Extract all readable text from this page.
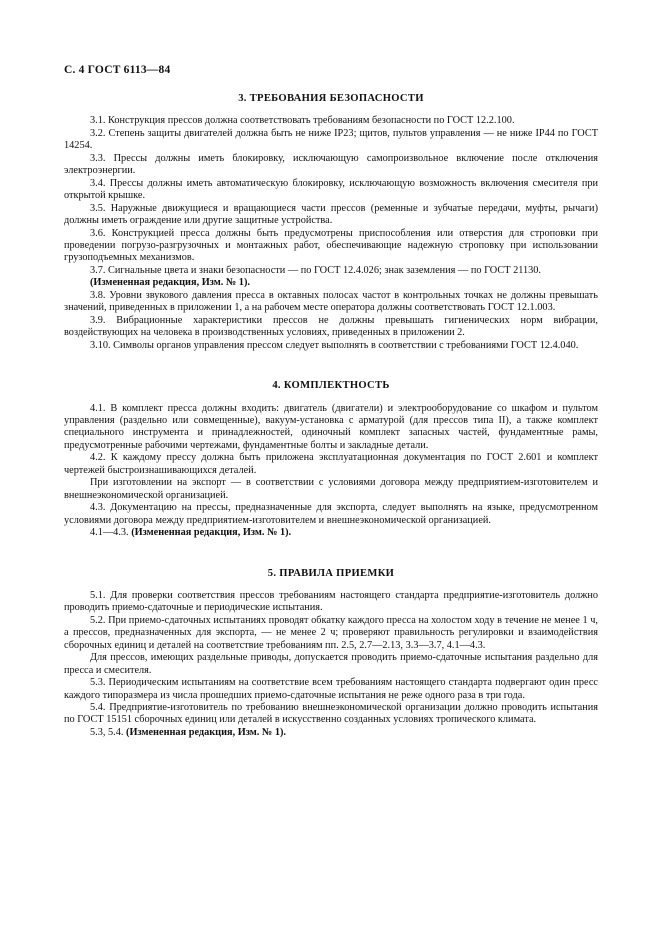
С. 4 ГОСТ 6113—84
3. ТРЕБОВАНИЯ БЕЗОПАСНОСТИ

3.1. Конструкция прессов должна соответствовать требованиям безопасности по ГОСТ 12.2.100.

3.2. Степень защиты двигателей должна быть не ниже IP23; щитов, пультов управления — не ниже IP44 по ГОСТ 14254.

3.3. Прессы должны иметь блокировку, исключающую самопроизвольное включение после отключения электроэнергии.

3.4. Прессы должны иметь автоматическую блокировку, исключающую возможность включения смесителя при открытой крышке.

3.5. Наружные движущиеся и вращающиеся части прессов (ременные и зубчатые передачи, муфты, рычаги) должны иметь ограждение или другие защитные устройства.

3.6. Конструкцией пресса должны быть предусмотрены приспособления или отверстия для строповки при проведении погрузо-разгрузочных и монтажных работ, обеспечивающие надежную строповку при использовании грузоподъемных механизмов.

3.7. Сигнальные цвета и знаки безопасности — по ГОСТ 12.4.026; знак заземления — по ГОСТ 21130.

(Измененная редакция, Изм. № 1).

3.8. Уровни звукового давления пресса в октавных полосах частот в контрольных точках не должны превышать значений, приведенных в приложении 1, а на рабочем месте оператора должны соответствовать ГОСТ 12.1.003.

3.9. Вибрационные характеристики прессов не должны превышать гигиенических норм вибрации, воздействующих на человека в производственных условиях, приведенных в приложении 2.

3.10. Символы органов управления прессом следует выполнять в соответствии с требованиями ГОСТ 12.4.040.

4. КОМПЛЕКТНОСТЬ

4.1. В комплект пресса должны входить: двигатель (двигатели) и электрооборудование со шкафом и пультом управления (раздельно или совмещенные), вакуум-установка с арматурой (для прессов типа II), а также комплект специального инструмента и принадлежностей, одиночный комплект запасных частей, фундаментные рамы, предусмотренные рабочими чертежами, фундаментные болты и закладные детали.

4.2. К каждому прессу должна быть приложена эксплуатационная документация по ГОСТ 2.601 и комплект чертежей быстроизнашивающихся деталей.

При изготовлении на экспорт — в соответствии с условиями договора между предприятием-изготовителем и внешнеэкономической организацией.

4.3. Документацию на прессы, предназначенные для экспорта, следует выполнять на языке, предусмотренном условиями договора между предприятием-изготовителем и внешнеэкономической организацией.

4.1—4.3. (Измененная редакция, Изм. № 1).

5. ПРАВИЛА ПРИЕМКИ

5.1. Для проверки соответствия прессов требованиям настоящего стандарта предприятие-изготовитель должно проводить приемо-сдаточные и периодические испытания.

5.2. При приемо-сдаточных испытаниях проводят обкатку каждого пресса на холостом ходу в течение не менее 1 ч, а прессов, предназначенных для экспорта, — не менее 2 ч; проверяют правильность регулировки и взаимодействия сборочных единиц и деталей на соответствие требованиям пп. 2.5, 2.7—2.13, 3.3—3.7, 4.1—4.3.

Для прессов, имеющих раздельные приводы, допускается проводить приемо-сдаточные испытания раздельно для пресса и смесителя.

5.3. Периодическим испытаниям на соответствие всем требованиям настоящего стандарта подвергают один пресс каждого типоразмера из числа прошедших приемо-сдаточные испытания не реже одного раза в три года.

5.4. Предприятие-изготовитель по требованию внешнеэкономической организации должно проводить испытания по ГОСТ 15151 сборочных единиц или деталей в искусственно созданных условиях тропического климата.

5.3, 5.4. (Измененная редакция, Изм. № 1).
